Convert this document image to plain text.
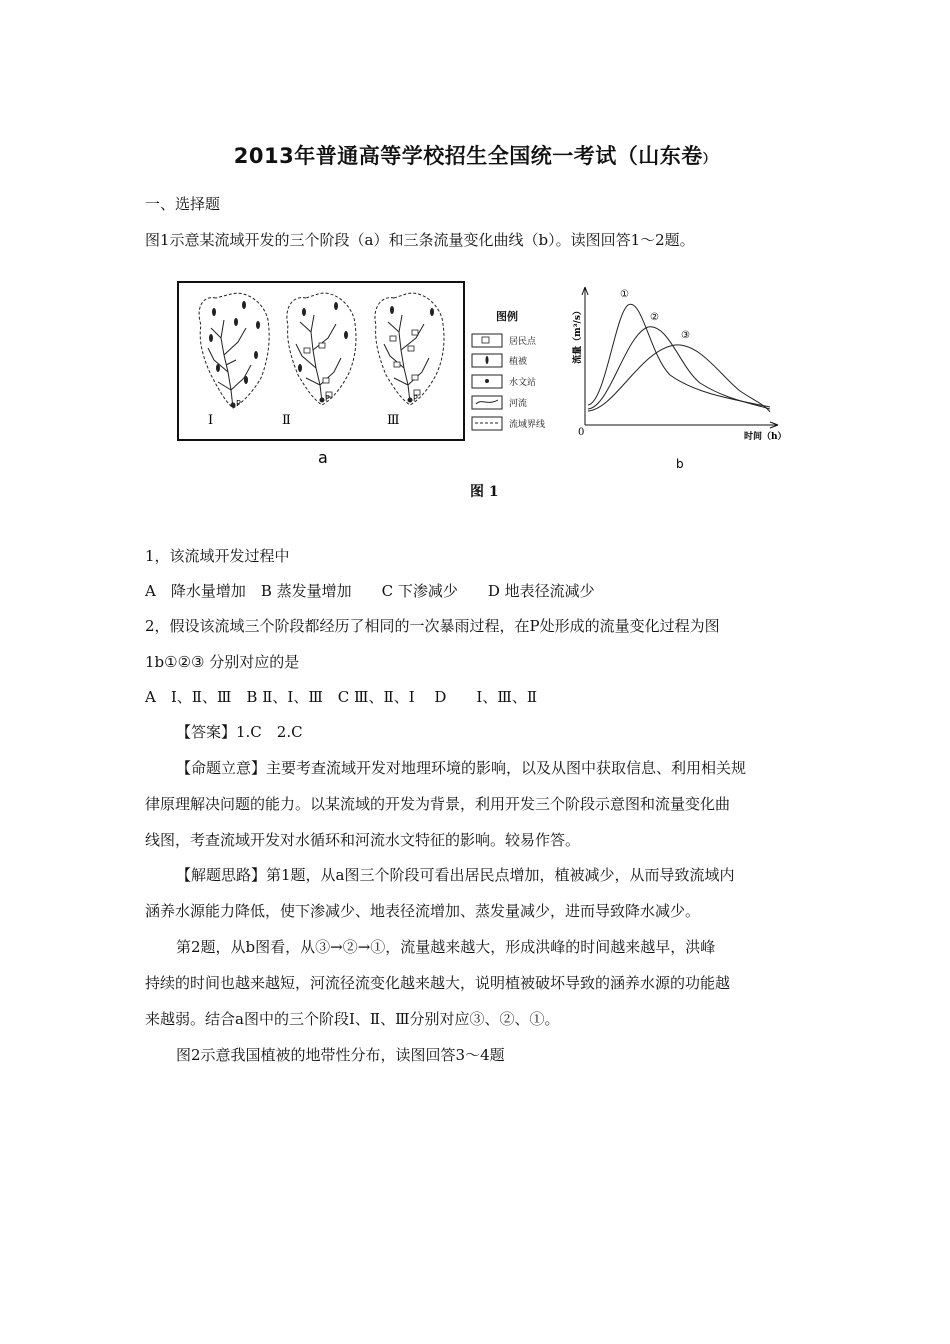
2013年普通高等学校招生全国统一考试（山东卷）
一、选择题
图1示意某流域开发的三个阶段（a）和三条流量变化曲线（b）。读图回答1～2题。
P
Ⅰ
P
Ⅱ
P
Ⅲ
图例
居民点
植被
水文站
河流
流域界线
a
流量（m³/s）
时间（h）
0
①
②
③
b
图 1
1，该流域开发过程中
A　降水量增加　B 蒸发量增加　　C 下渗减少　　D 地表径流减少
2，假设该流域三个阶段都经历了相同的一次暴雨过程，在P处形成的流量变化过程为图
1b①②③ 分别对应的是
A　Ⅰ、Ⅱ、Ⅲ　B Ⅱ、Ⅰ、Ⅲ　C Ⅲ、Ⅱ、Ⅰ　 D　　Ⅰ、Ⅲ、Ⅱ
【答案】1.C　2.C
【命题立意】主要考查流域开发对地理环境的影响，以及从图中获取信息、利用相关规
律原理解决问题的能力。以某流域的开发为背景，利用开发三个阶段示意图和流量变化曲
线图，考查流域开发对水循环和河流水文特征的影响。较易作答。
【解题思路】第1题，从a图三个阶段可看出居民点增加，植被减少，从而导致流域内
涵养水源能力降低，使下渗减少、地表径流增加、蒸发量减少，进而导致降水减少。
第2题，从b图看，从③→②→①，流量越来越大，形成洪峰的时间越来越早，洪峰
持续的时间也越来越短，河流径流变化越来越大，说明植被破坏导致的涵养水源的功能越
来越弱。结合a图中的三个阶段Ⅰ、Ⅱ、Ⅲ分别对应③、②、①。
图2示意我国植被的地带性分布，读图回答3～4题
